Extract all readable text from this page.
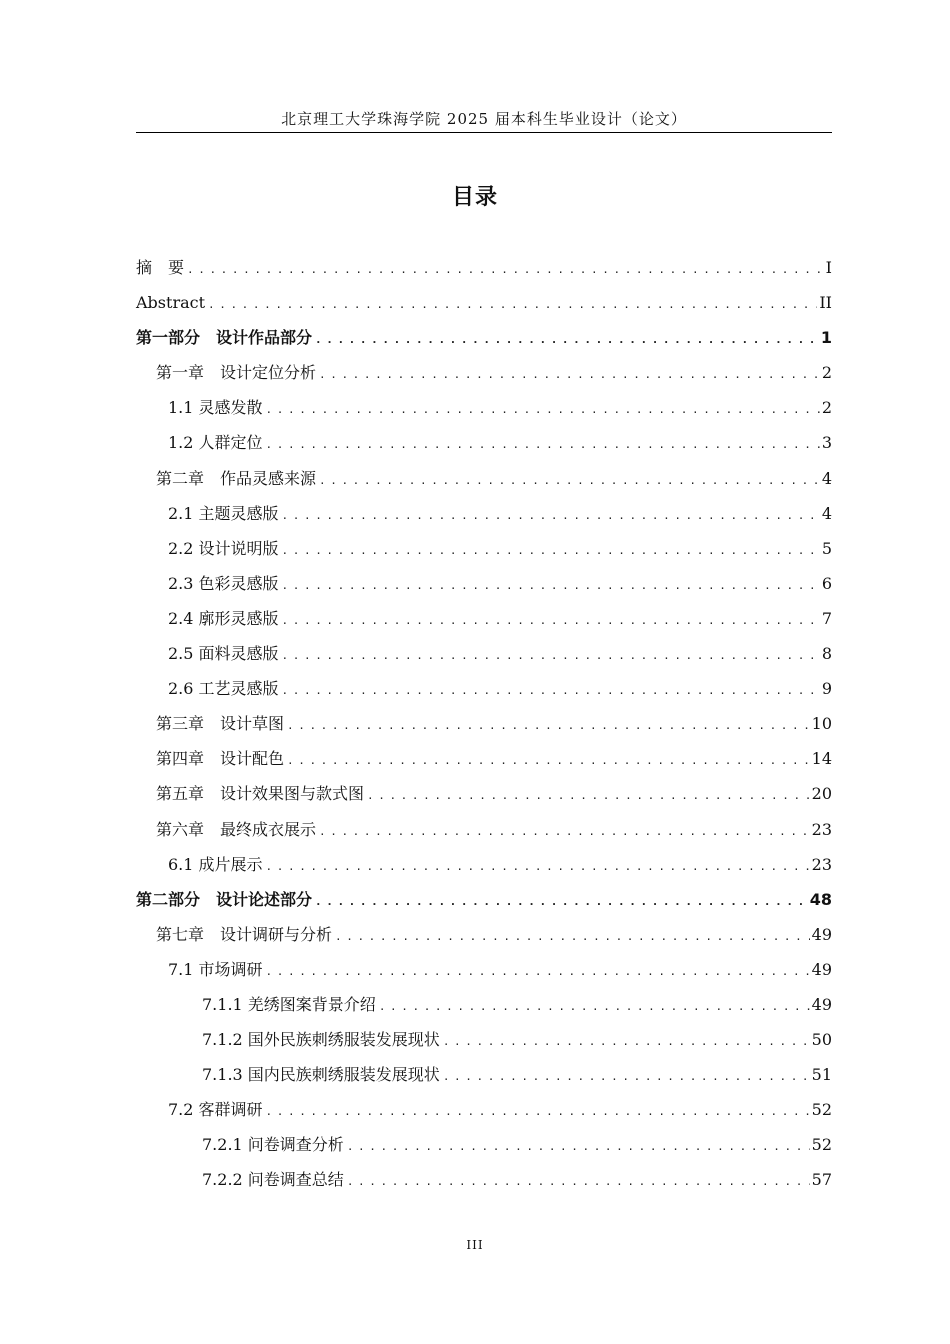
北京理工大学珠海学院 2025 届本科生毕业设计（论文）
目录
摘　要 .....	I
Abstract .....	II
第一部分　设计作品部分 .....	1
第一章　设计定位分析 .....	2
1.1 灵感发散 .....	2
1.2 人群定位 .....	3
第二章　作品灵感来源 .....	4
2.1 主题灵感版 .....	4
2.2 设计说明版 .....	5
2.3 色彩灵感版 .....	6
2.4 廓形灵感版 .....	7
2.5 面料灵感版 .....	8
2.6 工艺灵感版 .....	9
第三章　设计草图 .....	10
第四章　设计配色 .....	14
第五章　设计效果图与款式图 .....	20
第六章　最终成衣展示 .....	23
6.1 成片展示 .....	23
第二部分　设计论述部分 .....	48
第七章　设计调研与分析 .....	49
7.1 市场调研 .....	49
7.1.1 羌绣图案背景介绍 .....	49
7.1.2 国外民族刺绣服装发展现状 .....	50
7.1.3 国内民族刺绣服装发展现状 .....	51
7.2 客群调研 .....	52
7.2.1 问卷调查分析 .....	52
7.2.2 问卷调查总结 .....	57
III
